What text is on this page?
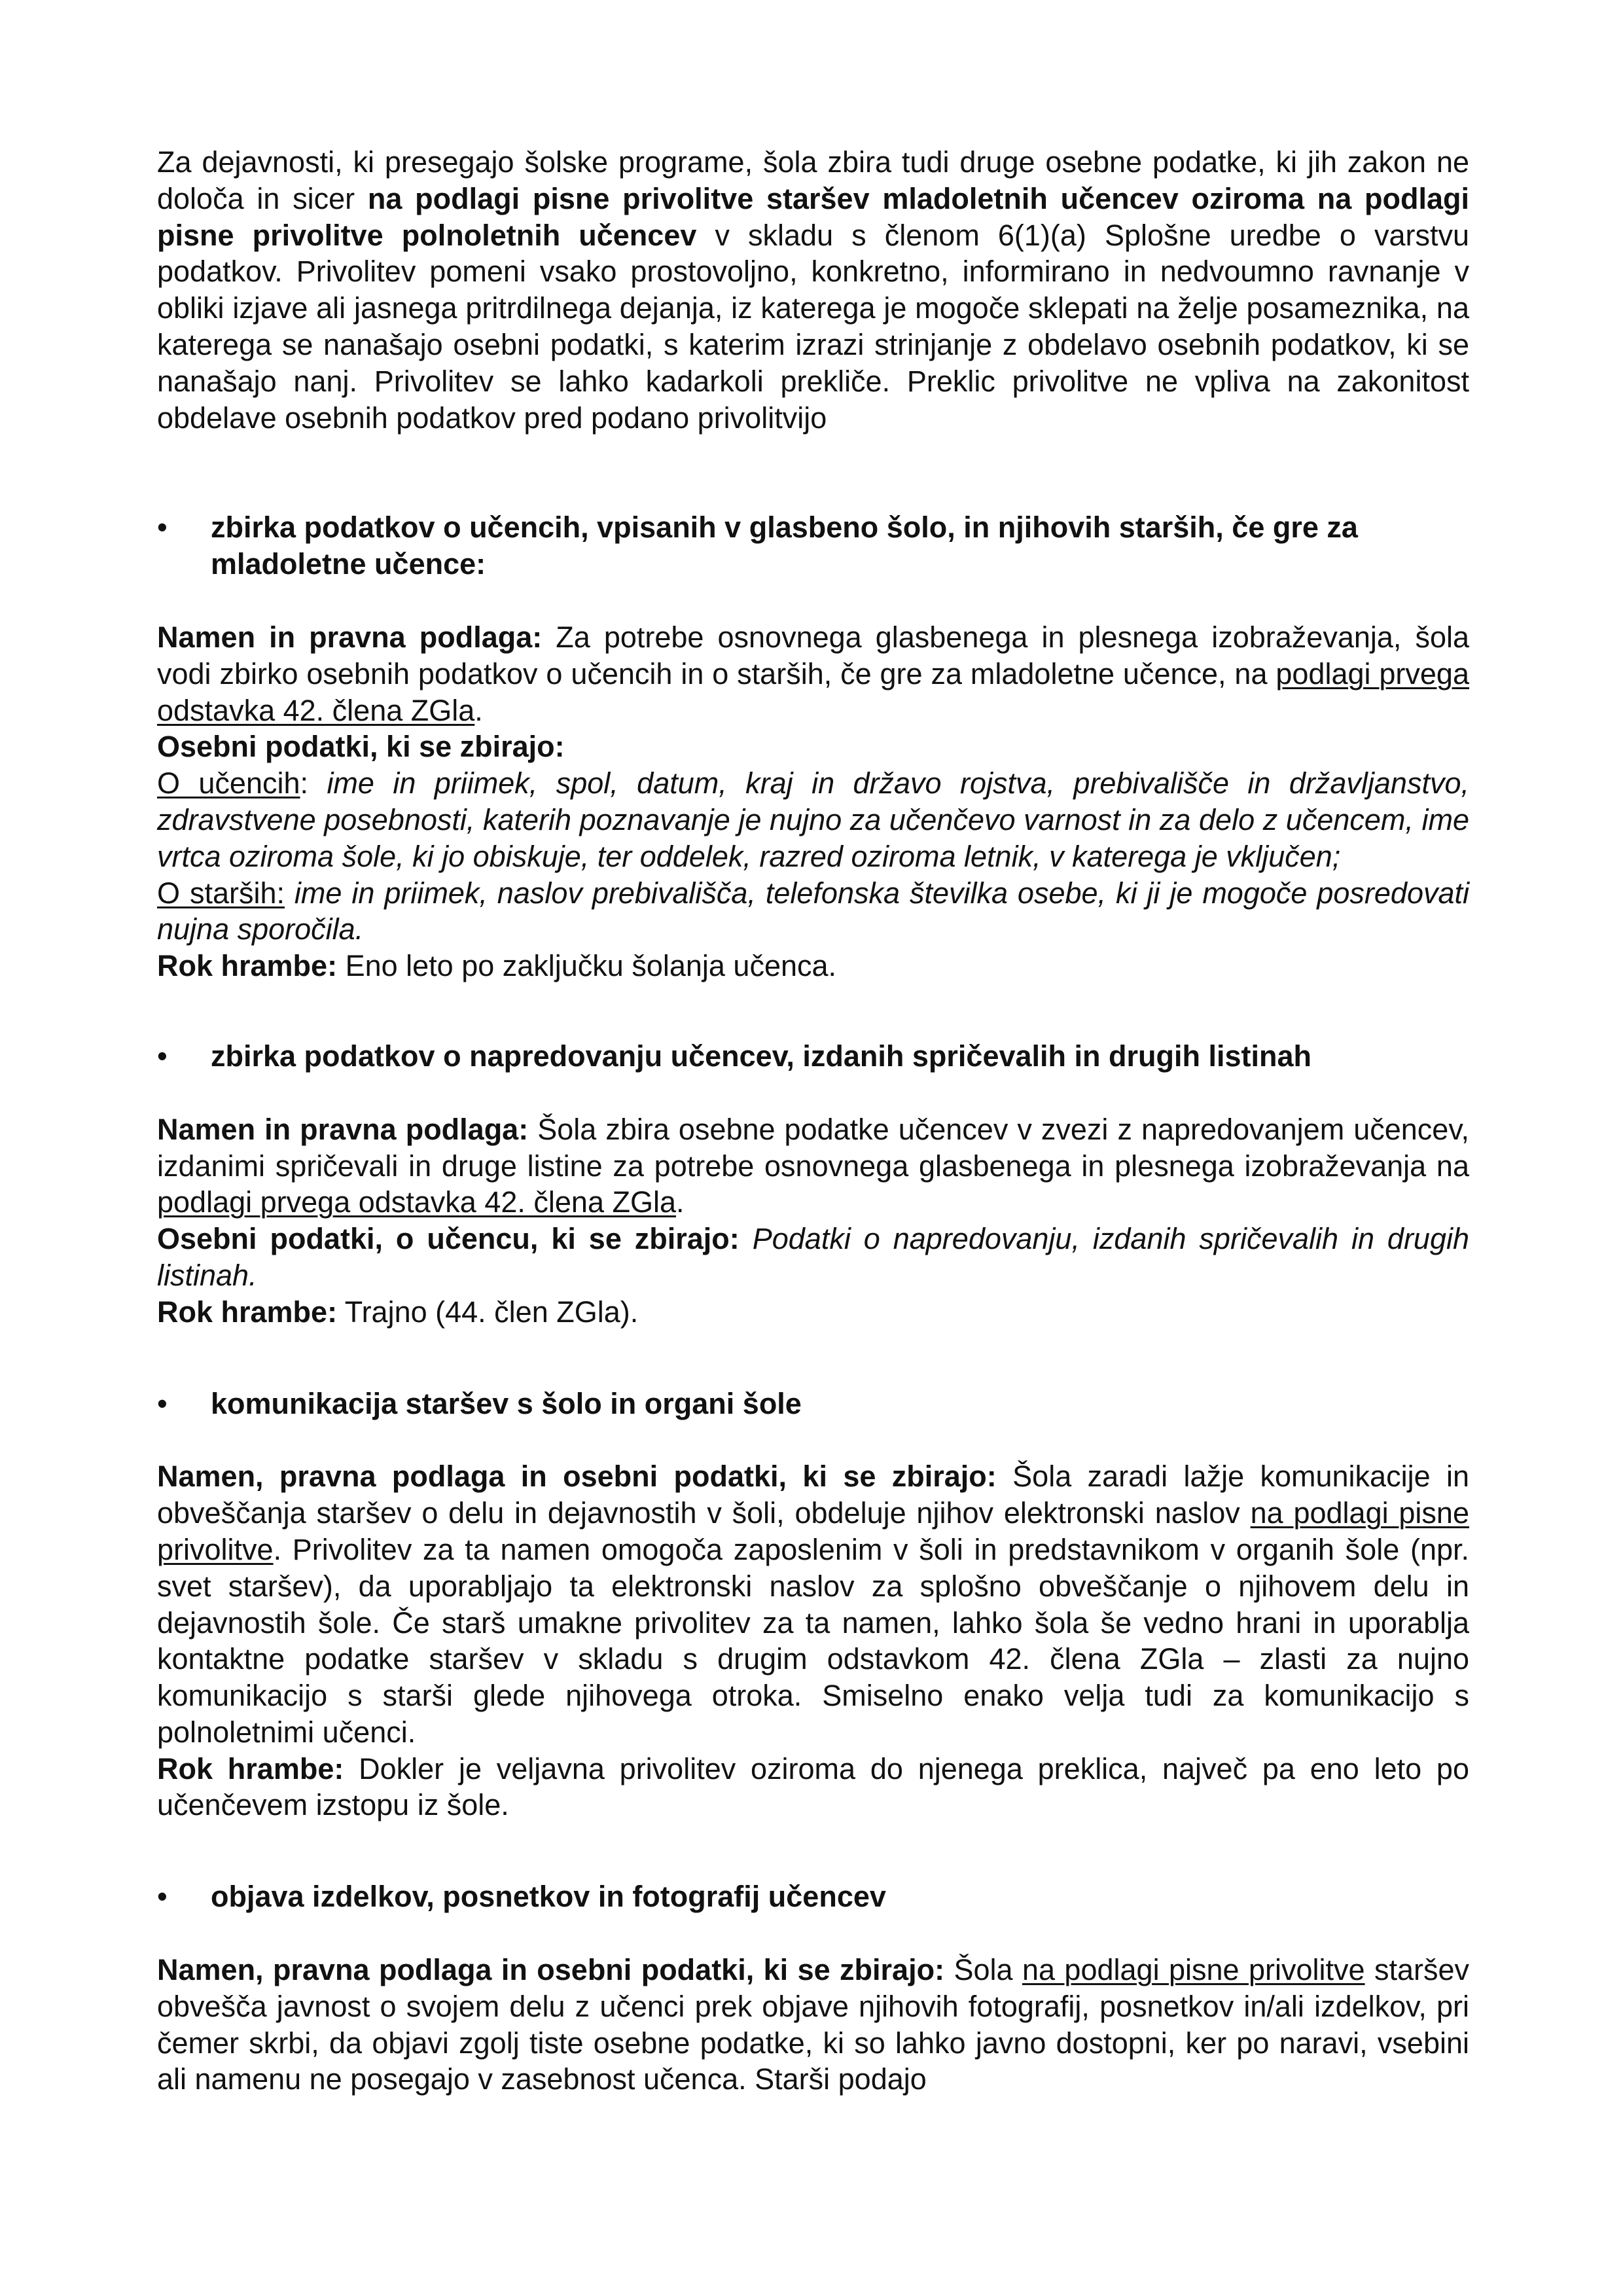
Za dejavnosti, ki presegajo šolske programe, šola zbira tudi druge osebne podatke, ki jih zakon ne določa in sicer na podlagi pisne privolitve staršev mladoletnih učencev oziroma na podlagi pisne privolitve polnoletnih učencev v skladu s členom 6(1)(a) Splošne uredbe o varstvu podatkov. Privolitev pomeni vsako prostovoljno, konkretno, informirano in nedvoumno ravnanje v obliki izjave ali jasnega pritrdilnega dejanja, iz katerega je mogoče sklepati na želje posameznika, na katerega se nanašajo osebni podatki, s katerim izrazi strinjanje z obdelavo osebnih podatkov, ki se nanašajo nanj. Privolitev se lahko kadarkoli prekliče. Preklic privolitve ne vpliva na zakonitost obdelave osebnih podatkov pred podano privolitvijo

• zbirka podatkov o učencih, vpisanih v glasbeno šolo, in njihovih starših, če gre za mladoletne učence:

Namen in pravna podlaga: Za potrebe osnovnega glasbenega in plesnega izobraževanja, šola vodi zbirko osebnih podatkov o učencih in o starših, če gre za mladoletne učence, na podlagi prvega odstavka 42. člena ZGla.

Osebni podatki, ki se zbirajo:

O učencih: ime in priimek, spol, datum, kraj in državo rojstva, prebivališče in državljanstvo, zdravstvene posebnosti, katerih poznavanje je nujno za učenčevo varnost in za delo z učencem, ime vrtca oziroma šole, ki jo obiskuje, ter oddelek, razred oziroma letnik, v katerega je vključen;

O starših: ime in priimek, naslov prebivališča, telefonska številka osebe, ki ji je mogoče posredovati nujna sporočila.

Rok hrambe: Eno leto po zaključku šolanja učenca.

• zbirka podatkov o napredovanju učencev, izdanih spričevalih in drugih listinah

Namen in pravna podlaga: Šola zbira osebne podatke učencev v zvezi z napredovanjem učencev, izdanimi spričevali in druge listine za potrebe osnovnega glasbenega in plesnega izobraževanja na podlagi prvega odstavka 42. člena ZGla.

Osebni podatki, o učencu, ki se zbirajo: Podatki o napredovanju, izdanih spričevalih in drugih listinah.

Rok hrambe: Trajno (44. člen ZGla).

• komunikacija staršev s šolo in organi šole

Namen, pravna podlaga in osebni podatki, ki se zbirajo: Šola zaradi lažje komunikacije in obveščanja staršev o delu in dejavnostih v šoli, obdeluje njihov elektronski naslov na podlagi pisne privolitve. Privolitev za ta namen omogoča zaposlenim v šoli in predstavnikom v organih šole (npr. svet staršev), da uporabljajo ta elektronski naslov za splošno obveščanje o njihovem delu in dejavnostih šole. Če starš umakne privolitev za ta namen, lahko šola še vedno hrani in uporablja kontaktne podatke staršev v skladu s drugim odstavkom 42. člena ZGla – zlasti za nujno komunikacijo s starši glede njihovega otroka. Smiselno enako velja tudi za komunikacijo s polnoletnimi učenci.

Rok hrambe: Dokler je veljavna privolitev oziroma do njenega preklica, največ pa eno leto po učenčevem izstopu iz šole.

• objava izdelkov, posnetkov in fotografij učencev

Namen, pravna podlaga in osebni podatki, ki se zbirajo: Šola na podlagi pisne privolitve staršev obvešča javnost o svojem delu z učenci prek objave njihovih fotografij, posnetkov in/ali izdelkov, pri čemer skrbi, da objavi zgolj tiste osebne podatke, ki so lahko javno dostopni, ker po naravi, vsebini ali namenu ne posegajo v zasebnost učenca. Starši podajo
